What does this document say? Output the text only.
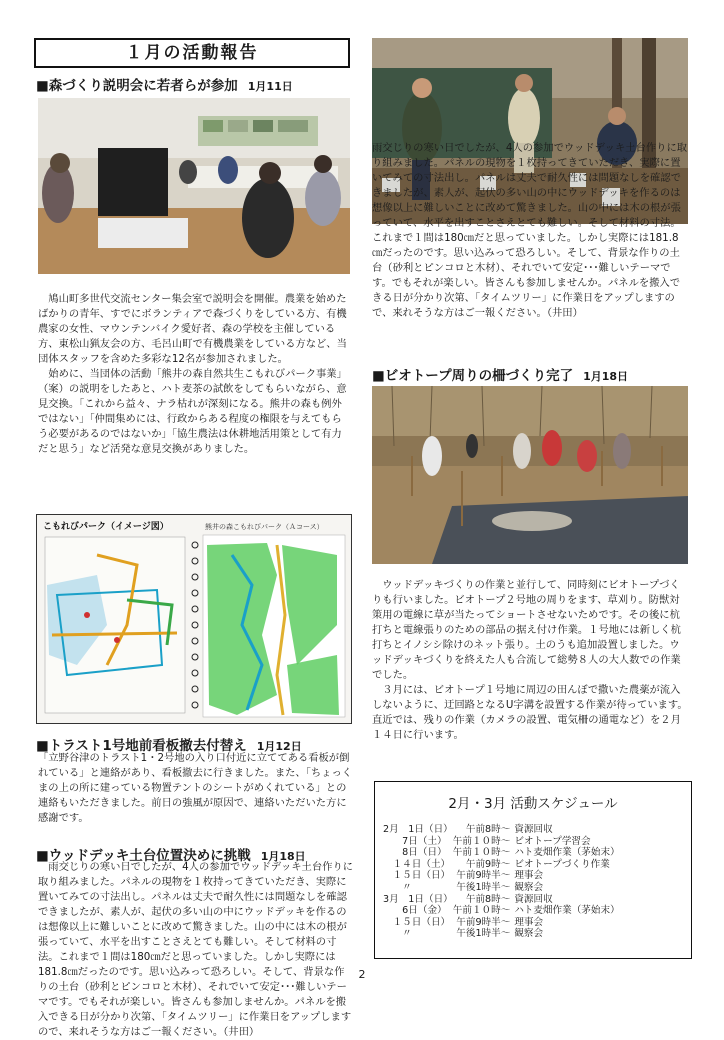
１月の活動報告
■森づくり説明会に若者らが参加 1月11日

鳩山町多世代交流センター集会室で説明会を開催。農業を始めたばかりの青年、すでにボランティアで森づくりをしている方、有機農家の女性、マウンテンバイク愛好者、森の学校を主催している方、東松山猟友会の方、毛呂山町で有機農業をしている方など、当団体スタッフを含めた多彩な12名が参加されました。

始めに、当団体の活動「熊井の森自然共生こもれびパーク事業」（案）の説明をしたあと、ハト麦茶の試飲をしてもらいながら、意見交換。「これから益々、ナラ枯れが深刻になる。熊井の森も例外ではない」「仲間集めには、行政からある程度の権限を与えてもらう必要があるのではないか」「協生農法は休耕地活用策として有力だと思う」など活発な意見交換がありました。

こもれびパーク（イメージ図）	熊井の森こもれびパーク（Ａコース）
■トラスト1号地前看板撤去付替え 1月12日

「立野谷津のトラスト1・2号地の入り口付近に立ててある看板が倒れている」と連絡があり、看板撤去に行きました。また、「ちょっくまの上の所に建っている物置テントのシートがめくれている」との連絡もいただきました。前日の強風が原因で、連絡いただいた方に感謝です。

■ウッドデッキ土台位置決めに挑戦 1月18日

雨交じりの寒い日でしたが、4人の参加でウッドデッキ土台作りに取り組みました。パネルの現物を１枚持ってきていただき、実際に置いてみての寸法出し。パネルは丈夫で耐久性には問題なしを確認できましたが、素人が、起伏の多い山の中にウッドデッキを作るのは想像以上に難しいことに改めて驚きました。山の中には木の根が張っていて、水平を出すことさえとても難しい。そして材料の寸法。これまで１間は180㎝だと思っていました。しかし実際には181.8㎝だったのです。思い込みって恐ろしい。そして、背景な作りの土台（砂利とピンコロと木材）、それでいて安定･･･難しいテーマです。でもそれが楽しい。皆さんも参加しませんか。パネルを搬入できる日が分かり次第、「タイムツリー」に作業日をアップしますので、来れそうな方はご一報ください。（井田）

雨交じりの寒い日でしたが、4人の参加でウッドデッキ土台作りに取り組みました。パネルの現物を１枚持ってきていただき、実際に置いてみての寸法出し。パネルは丈夫で耐久性には問題なしを確認できましたが、素人が、起伏の多い山の中にウッドデッキを作るのは想像以上に難しいことに改めて驚きました。山の中には木の根が張っていて、水平を出すことさえとても難しい。そして材料の寸法。これまで１間は180㎝だと思っていました。しかし実際には181.8㎝だったのです。思い込みって恐ろしい。そして、背景な作りの土台（砂利とピンコロと木材）、それでいて安定･･･難しいテーマです。でもそれが楽しい。皆さんも参加しませんか。パネルを搬入できる日が分かり次第、「タイムツリー」に作業日をアップしますので、来れそうな方はご一報ください。（井田）

■ビオトープ周りの柵づくり完了 1月18日

ウッドデッキづくりの作業と並行して、同時刻にビオトープづくりも行いました。ビオトープ２号地の周りをます、草刈り。防獣対策用の電線に草が当たってショートさせないためです。その後に杭打ちと電線張りのための部品の据え付け作業。１号地には新しく杭打ちとイノシシ除けのネット張り。土のうも追加設置しました。ウッドデッキづくりを終えた人も合流して総勢８人の大人数での作業でした。

３月には、ビオトープ１号地に周辺の田んぼで撒いた農薬が流入しないように、迂回路となるU字溝を設置する作業が待っています。直近では、残りの作業（カメラの設置、電気柵の通電など）を２月１４日に行います。

2月・3月 活動スケジュール
2月　1日（日）	午前8時～	資源回収
　　7日（土）	午前１０時～	ビオトープ学習会
　　8日（日）	午前１０時～	ハト麦畑作業（茅始末）
　１４日（土）	午前9時～	ビオトープづくり作業
　１５日（日）	午前9時半～	理事会
　　〃	午後1時半～	観察会
3月　1日（日）	午前8時～	資源回収
　　6日（金）	午前１０時～	ハト麦畑作業（茅始末）
　１５日（日）	午前9時半～	理事会
　　〃	午後1時半～	観察会
2
